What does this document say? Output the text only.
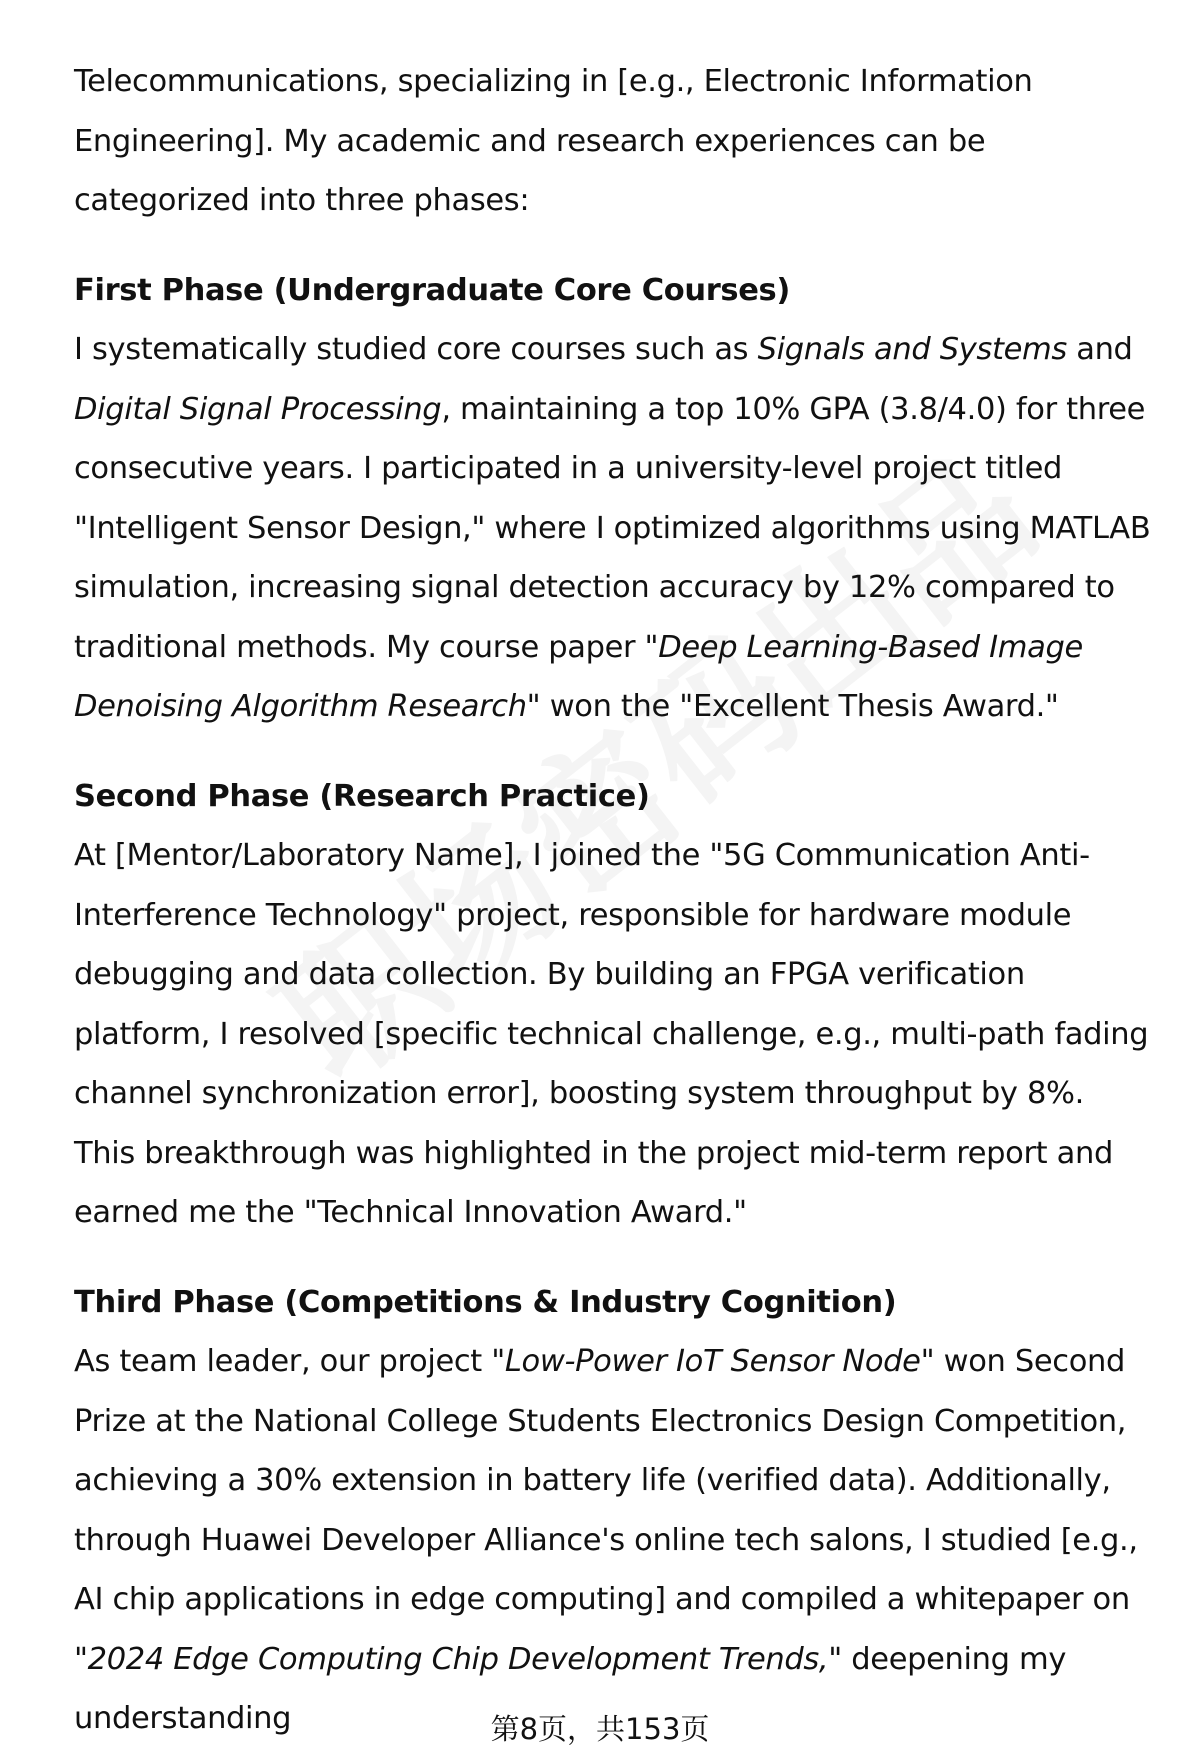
Telecommunications, specializing in [e.g., Electronic Information Engineering]. My academic and research experiences can be categorized into three phases:

First Phase (Undergraduate Core Courses)

I systematically studied core courses such as Signals and Systems and Digital Signal Processing, maintaining a top 10% GPA (3.8/4.0) for three consecutive years. I participated in a university-level project titled "Intelligent Sensor Design," where I optimized algorithms using MATLAB simulation, increasing signal detection accuracy by 12% compared to traditional methods. My course paper "Deep Learning-Based Image Denoising Algorithm Research" won the "Excellent Thesis Award."

Second Phase (Research Practice)

At [Mentor/Laboratory Name], I joined the "5G Communication Anti-Interference Technology" project, responsible for hardware module debugging and data collection. By building an FPGA verification platform, I resolved [specific technical challenge, e.g., multi-path fading channel synchronization error], boosting system throughput by 8%. This breakthrough was highlighted in the project mid-term report and earned me the "Technical Innovation Award."

Third Phase (Competitions & Industry Cognition)

As team leader, our project "Low-Power IoT Sensor Node" won Second Prize at the National College Students Electronics Design Competition, achieving a 30% extension in battery life (verified data). Additionally, through Huawei Developer Alliance's online tech salons, I studied [e.g., AI chip applications in edge computing] and compiled a whitepaper on "2024 Edge Computing Chip Development Trends," deepening my understanding	第8页，共153页
